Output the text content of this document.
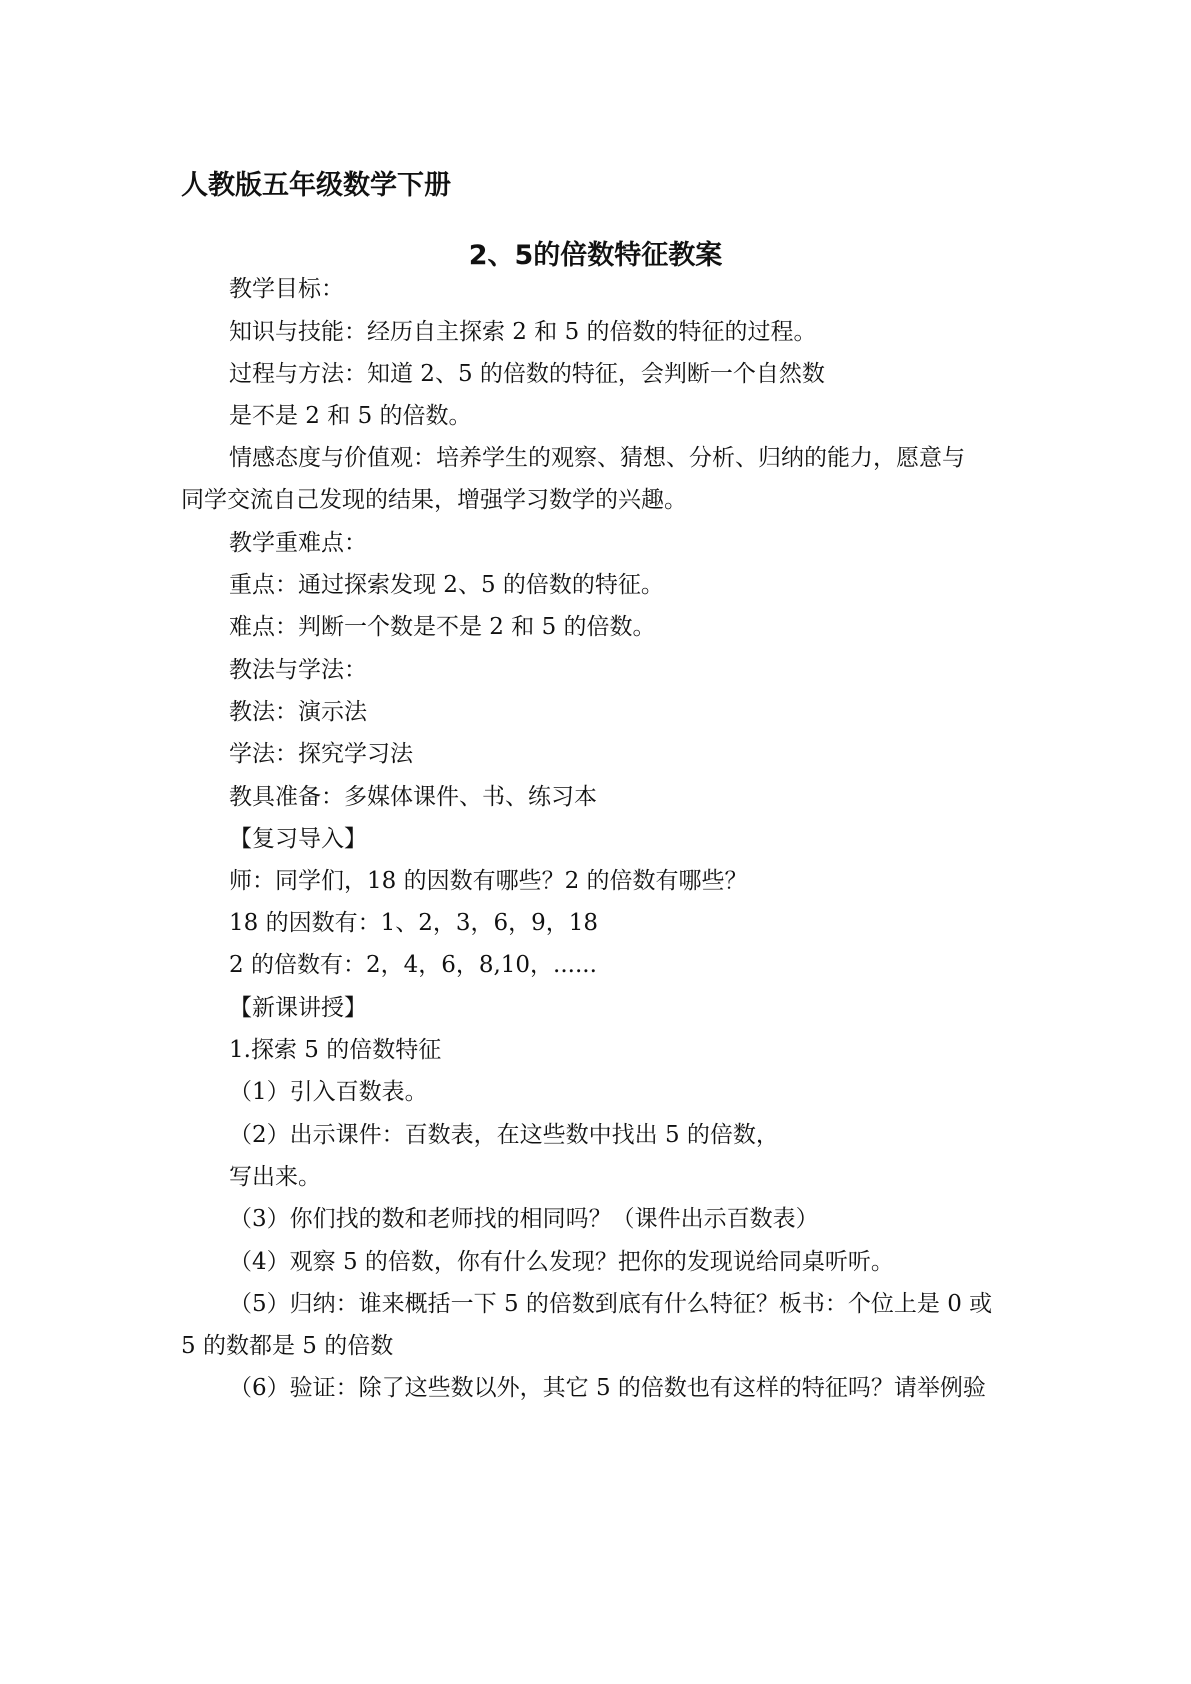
人教版五年级数学下册
2、5的倍数特征教案
教学目标：
知识与技能：经历自主探索 2 和 5 的倍数的特征的过程。
过程与方法：知道 2、5 的倍数的特征，会判断一个自然数
是不是 2 和 5 的倍数。
情感态度与价值观：培养学生的观察、猜想、分析、归纳的能力，愿意与
同学交流自己发现的结果，增强学习数学的兴趣。
教学重难点：
重点：通过探索发现 2、5 的倍数的特征。
难点：判断一个数是不是 2 和 5 的倍数。
教法与学法：
教法：演示法
学法：探究学习法
教具准备：多媒体课件、书、练习本
【复习导入】
师：同学们，18 的因数有哪些？2 的倍数有哪些？
18 的因数有：1、2，3，6，9，18
2 的倍数有：2，4，6，8,10，......
【新课讲授】
1.探索 5 的倍数特征
（1）引入百数表。
（2）出示课件：百数表，在这些数中找出 5 的倍数，
写出来。
（3）你们找的数和老师找的相同吗？（课件出示百数表）
（4）观察 5 的倍数，你有什么发现？把你的发现说给同桌听听。
（5）归纳：谁来概括一下 5 的倍数到底有什么特征？板书：个位上是 0 或
5 的数都是 5 的倍数
（6）验证：除了这些数以外，其它 5 的倍数也有这样的特征吗？请举例验
